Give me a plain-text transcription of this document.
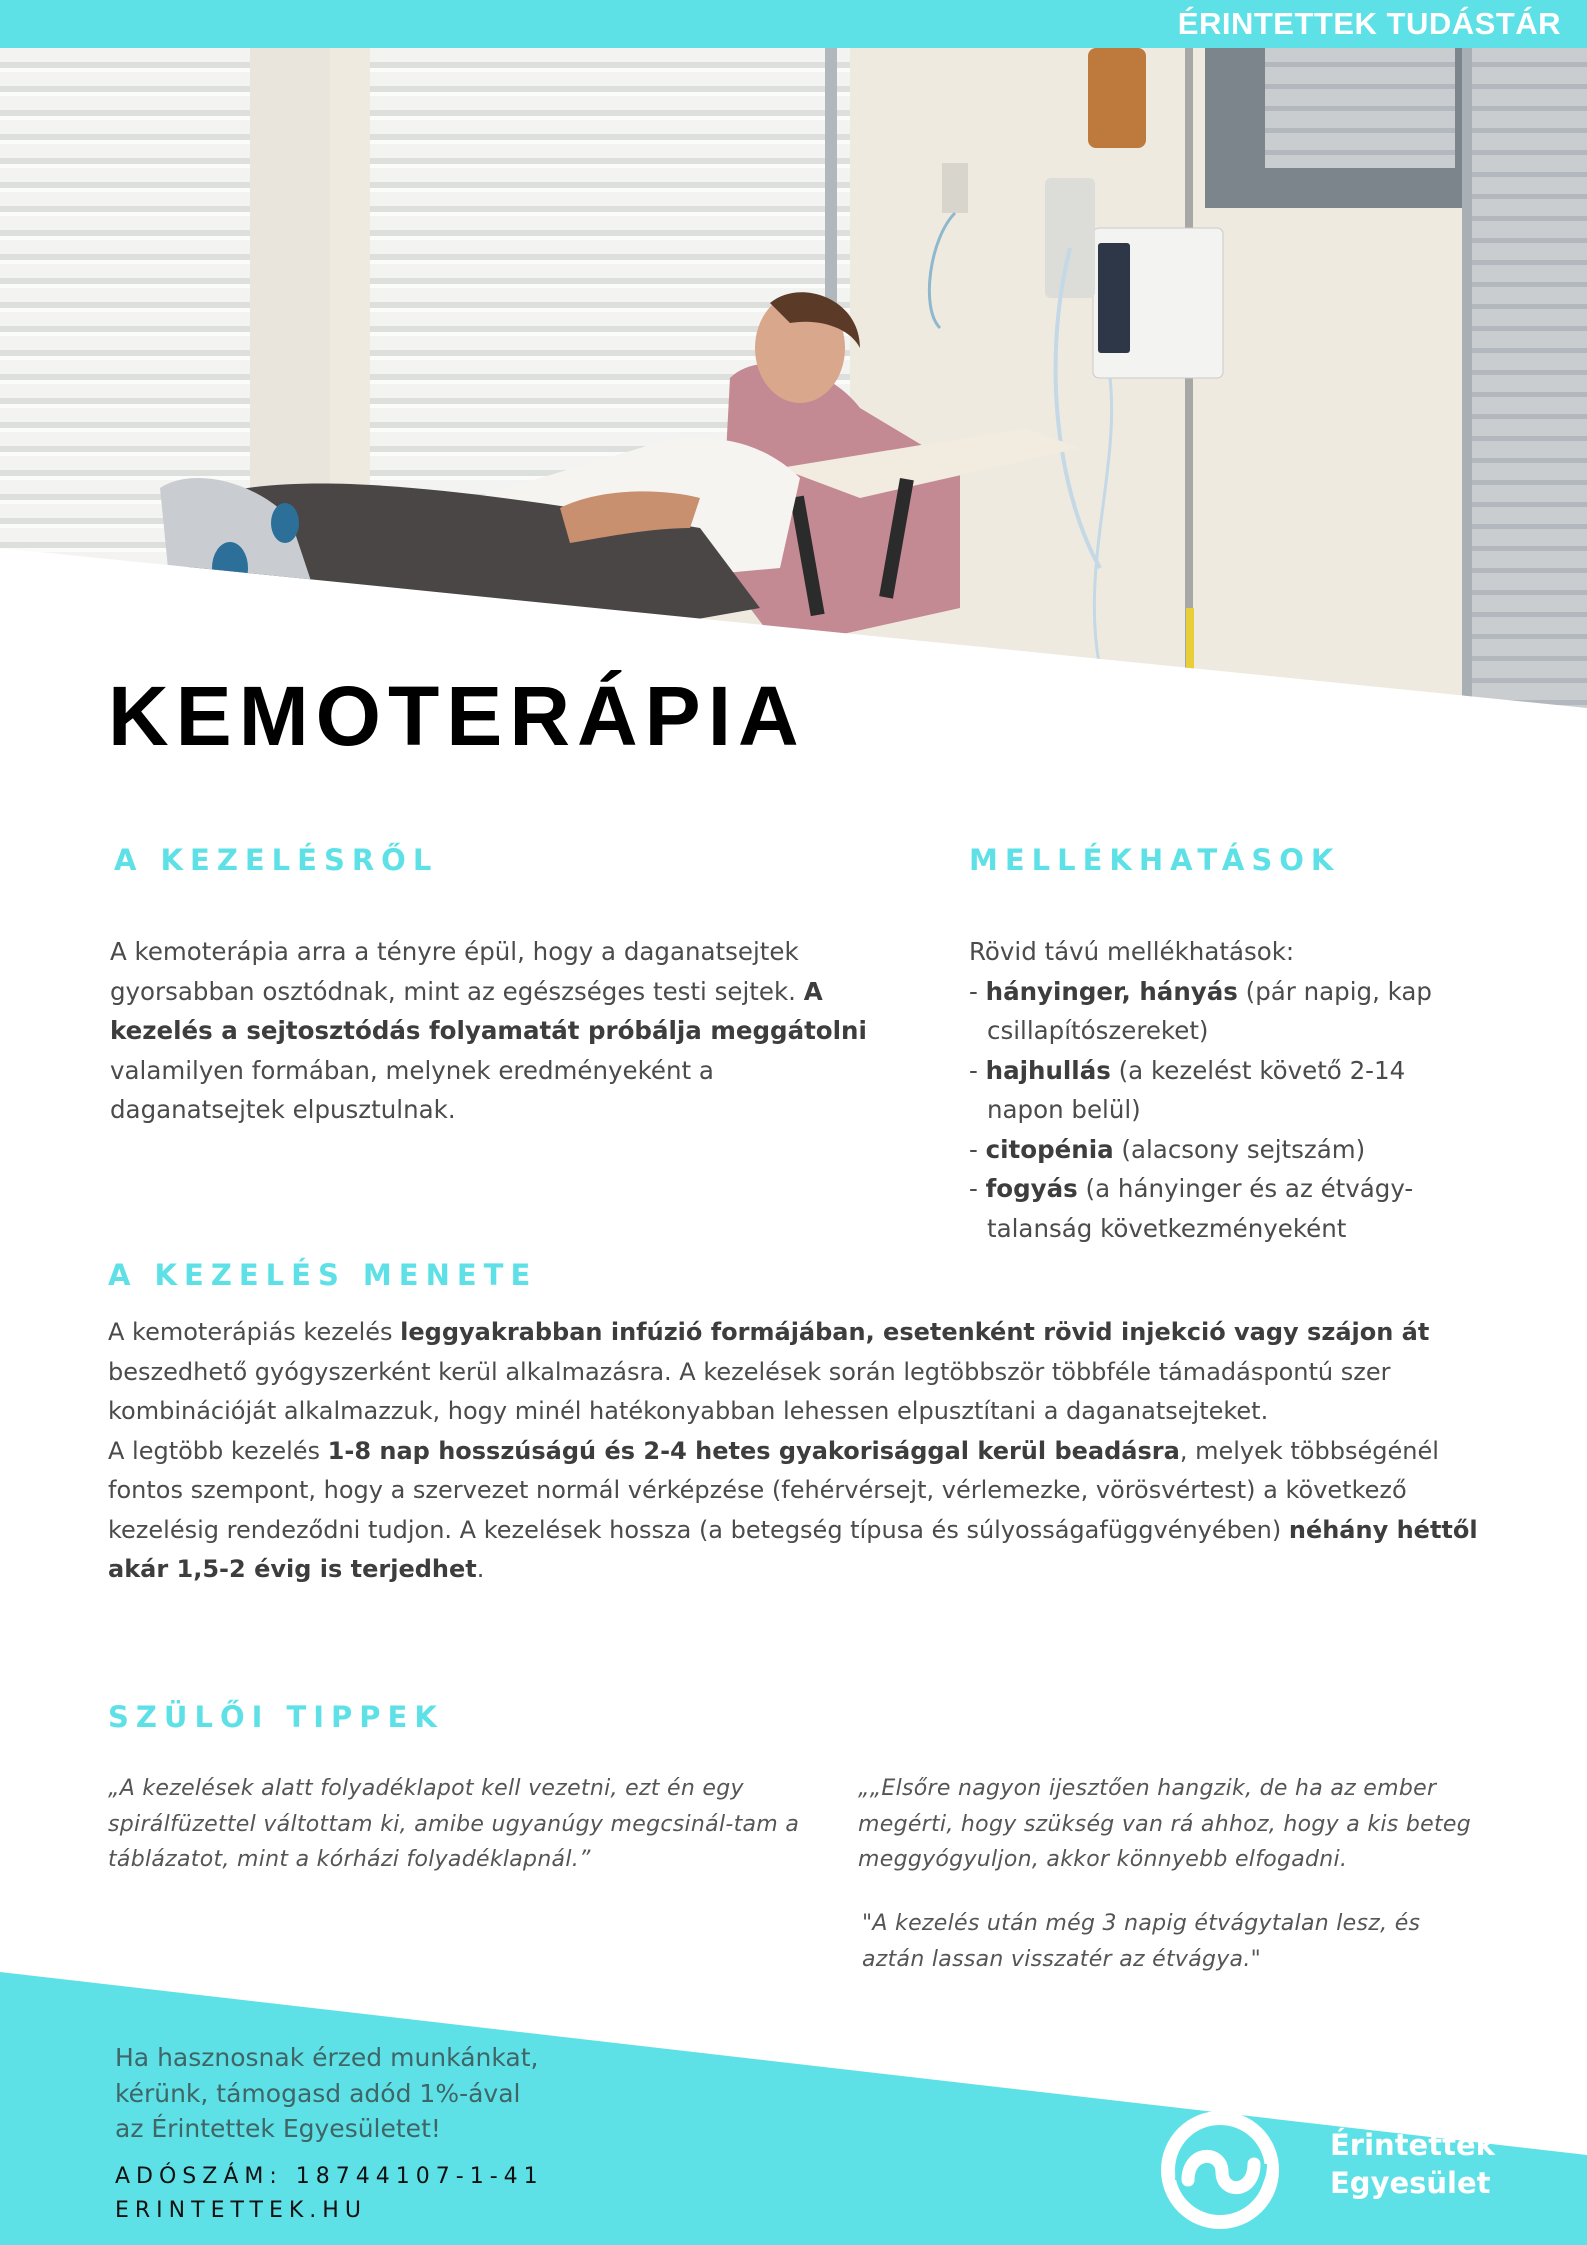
ÉRINTETTEK TUDÁSTÁR
KEMOTERÁPIA
A KEZELÉSRŐL

A kemoterápia arra a tényre épül, hogy a daganatsejtek gyorsabban osztódnak, mint az egészséges testi sejtek. A kezelés a sejtosztódás folyamatát próbálja meggátolni valamilyen formában, melynek eredményeként a daganatsejtek elpusztulnak.

MELLÉKHATÁSOK
Rövid távú mellékhatások:
- hányinger, hányás (pár napig, kap csillapítószereket)
- hajhullás (a kezelést követő 2-14 napon belül)
- citopénia (alacsony sejtszám)
- fogyás (a hányinger és az étvágy-talanság következményeként
A KEZELÉS MENETE

A kemoterápiás kezelés leggyakrabban infúzió formájában, esetenként rövid injekció vagy szájon át beszedhető gyógyszerként kerül alkalmazásra. A kezelések során legtöbbször többféle támadáspontú szer kombinációját alkalmazzuk, hogy minél hatékonyabban lehessen elpusztítani a daganatsejteket.

A legtöbb kezelés 1-8 nap hosszúságú és 2-4 hetes gyakorisággal kerül beadásra, melyek többségénél fontos szempont, hogy a szervezet normál vérképzése (fehérvérsejt, vérlemezke, vörösvértest) a következő kezelésig rendeződni tudjon. A kezelések hossza (a betegség típusa és súlyosságafüggvényében) néhány héttől akár 1,5-2 évig is terjedhet.

SZÜLŐI TIPPEK

„A kezelések alatt folyadéklapot kell vezetni, ezt én egy spirálfüzettel váltottam ki, amibe ugyanúgy megcsinál-tam a táblázatot, mint a kórházi folyadéklapnál.”

„„Elsőre nagyon ijesztően hangzik, de ha az ember megérti, hogy szükség van rá ahhoz, hogy a kis beteg meggyógyuljon, akkor könnyebb elfogadni.

"A kezelés után még 3 napig étvágytalan lesz, és aztán lassan visszatér az étvágya."

Ha hasznosnak érzed munkánkat,
kérünk, támogasd adód 1%-ával
az Érintettek Egyesületet!

ADÓSZÁM: 18744107-1-41
ERINTETTEK.HU
Érintettek
Egyesület
